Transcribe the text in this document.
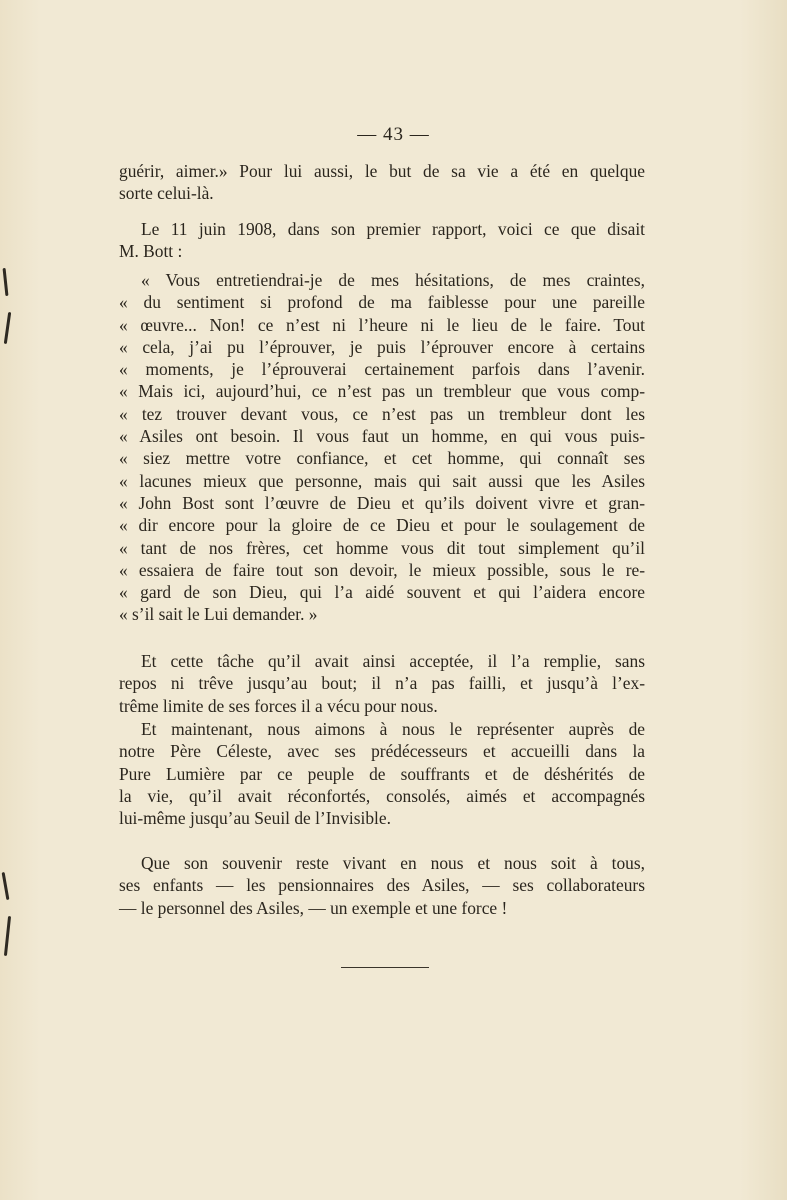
— 43 —
guérir, aimer.» Pour lui aussi, le but de sa vie a été en quelque
sorte celui-là.
Le 11 juin 1908, dans son premier rapport, voici ce que disait
M. Bott :
« Vous entretiendrai-je de mes hésitations, de mes craintes,
« du sentiment si profond de ma faiblesse pour une pareille
« œuvre... Non! ce n’est ni l’heure ni le lieu de le faire. Tout
« cela, j’ai pu l’éprouver, je puis l’éprouver encore à certains
« moments, je l’éprouverai certainement parfois dans l’avenir.
« Mais ici, aujourd’hui, ce n’est pas un trembleur que vous comp-
« tez trouver devant vous, ce n’est pas un trembleur dont les
« Asiles ont besoin. Il vous faut un homme, en qui vous puis-
« siez mettre votre confiance, et cet homme, qui connaît ses
« lacunes mieux que personne, mais qui sait aussi que les Asiles
« John Bost sont l’œuvre de Dieu et qu’ils doivent vivre et gran-
« dir encore pour la gloire de ce Dieu et pour le soulagement de
« tant de nos frères, cet homme vous dit tout simplement qu’il
« essaiera de faire tout son devoir, le mieux possible, sous le re-
« gard de son Dieu, qui l’a aidé souvent et qui l’aidera encore
« s’il sait le Lui demander. »
Et cette tâche qu’il avait ainsi acceptée, il l’a remplie, sans
repos ni trêve jusqu’au bout; il n’a pas failli, et jusqu’à l’ex-
trême limite de ses forces il a vécu pour nous.
Et maintenant, nous aimons à nous le représenter auprès de
notre Père Céleste, avec ses prédécesseurs et accueilli dans la
Pure Lumière par ce peuple de souffrants et de déshérités de
la vie, qu’il avait réconfortés, consolés, aimés et accompagnés
lui-même jusqu’au Seuil de l’Invisible.
Que son souvenir reste vivant en nous et nous soit à tous,
ses enfants — les pensionnaires des Asiles, — ses collaborateurs
— le personnel des Asiles, — un exemple et une force !
